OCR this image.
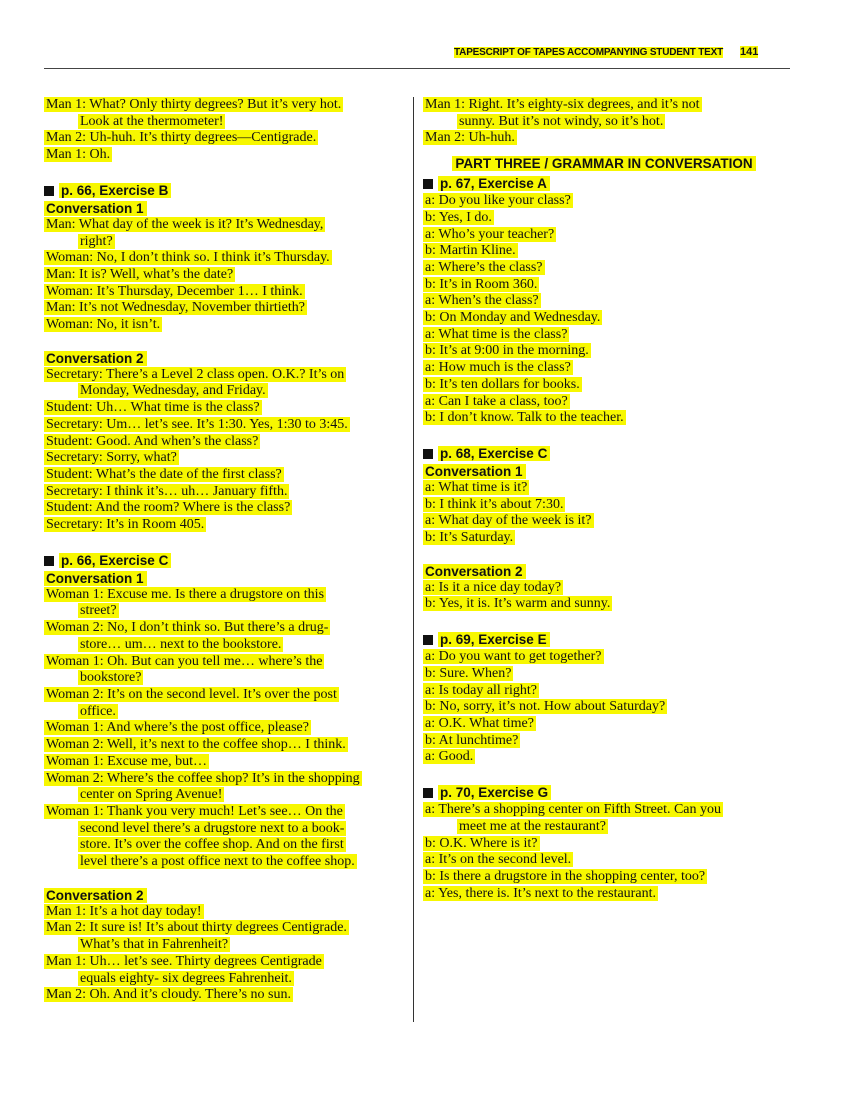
TAPESCRIPT OF TAPES ACCOMPANYING STUDENT TEXT 141
Man 1: What? Only thirty degrees? But it’s very hot.
Look at the thermometer!
Man 2: Uh-huh. It’s thirty degrees—Centigrade.
Man 1: Oh.
p. 66, Exercise B
Conversation 1
Man: What day of the week is it? It’s Wednesday,
right?
Woman: No, I don’t think so. I think it’s Thursday.
Man: It is? Well, what’s the date?
Woman: It’s Thursday, December 1… I think.
Man: It’s not Wednesday, November thirtieth?
Woman: No, it isn’t.
Conversation 2
Secretary: There’s a Level 2 class open. O.K.? It’s on
Monday, Wednesday, and Friday.
Student: Uh… What time is the class?
Secretary: Um… let’s see. It’s 1:30. Yes, 1:30 to 3:45.
Student: Good. And when’s the class?
Secretary: Sorry, what?
Student: What’s the date of the first class?
Secretary: I think it’s… uh… January fifth.
Student: And the room? Where is the class?
Secretary: It’s in Room 405.
p. 66, Exercise C
Conversation 1
Woman 1: Excuse me. Is there a drugstore on this
street?
Woman 2: No, I don’t think so. But there’s a drug-
store… um… next to the bookstore.
Woman 1: Oh. But can you tell me… where’s the
bookstore?
Woman 2: It’s on the second level. It’s over the post
office.
Woman 1: And where’s the post office, please?
Woman 2: Well, it’s next to the coffee shop… I think.
Woman 1: Excuse me, but…
Woman 2: Where’s the coffee shop? It’s in the shopping
center on Spring Avenue!
Woman 1: Thank you very much! Let’s see… On the
second level there’s a drugstore next to a book-
store. It’s over the coffee shop. And on the first
level there’s a post office next to the coffee shop.
Conversation 2
Man 1: It’s a hot day today!
Man 2: It sure is! It’s about thirty degrees Centigrade.
What’s that in Fahrenheit?
Man 1: Uh… let’s see. Thirty degrees Centigrade
equals eighty- six degrees Fahrenheit.
Man 2: Oh. And it’s cloudy. There’s no sun.
Man 1: Right. It’s eighty-six degrees, and it’s not
sunny. But it’s not windy, so it’s hot.
Man 2: Uh-huh.
PART THREE / GRAMMAR IN CONVERSATION
p. 67, Exercise A
a: Do you like your class?
b: Yes, I do.
a: Who’s your teacher?
b: Martin Kline.
a: Where’s the class?
b: It’s in Room 360.
a: When’s the class?
b: On Monday and Wednesday.
a: What time is the class?
b: It’s at 9:00 in the morning.
a: How much is the class?
b: It’s ten dollars for books.
a: Can I take a class, too?
b: I don’t know. Talk to the teacher.
p. 68, Exercise C
Conversation 1
a: What time is it?
b: I think it’s about 7:30.
a: What day of the week is it?
b: It’s Saturday.
Conversation 2
a: Is it a nice day today?
b: Yes, it is. It’s warm and sunny.
p. 69, Exercise E
a: Do you want to get together?
b: Sure. When?
a: Is today all right?
b: No, sorry, it’s not. How about Saturday?
a: O.K. What time?
b: At lunchtime?
a: Good.
p. 70, Exercise G
a: There’s a shopping center on Fifth Street. Can you
meet me at the restaurant?
b: O.K. Where is it?
a: It’s on the second level.
b: Is there a drugstore in the shopping center, too?
a: Yes, there is. It’s next to the restaurant.
